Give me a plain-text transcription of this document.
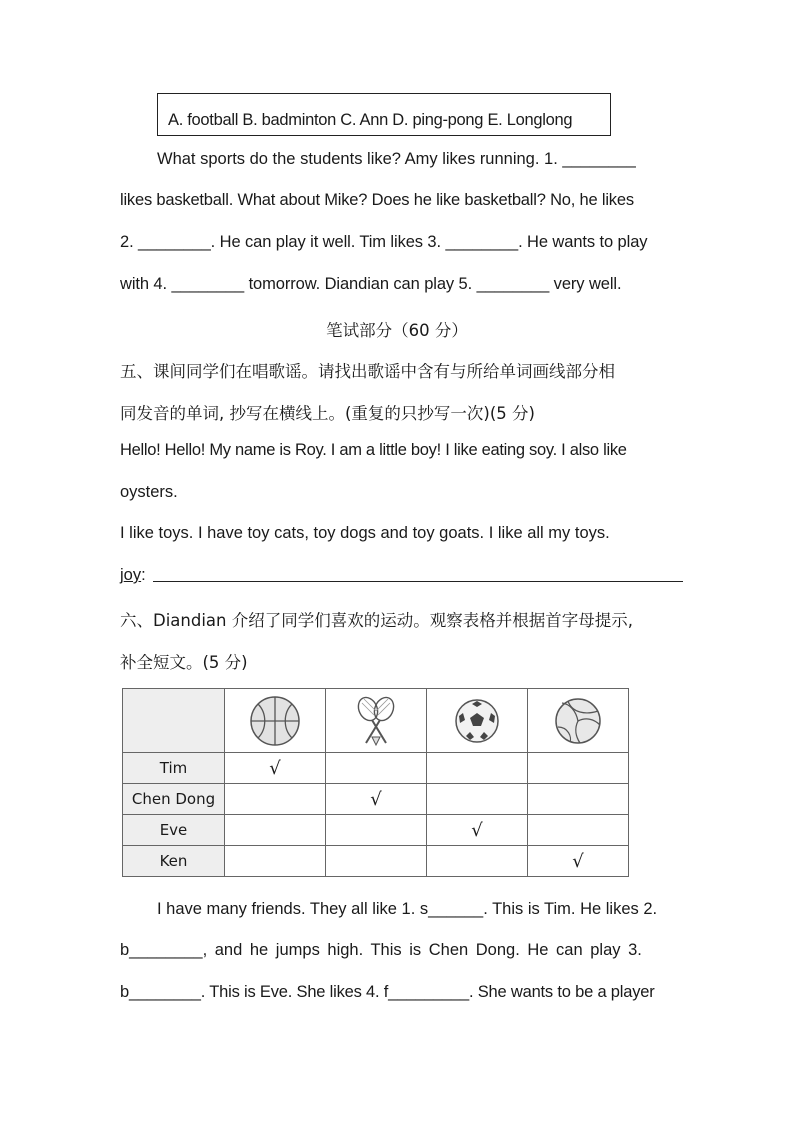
A. football B. badminton C. Ann D. ping-pong E. Longlong
What sports do the students like? Amy likes running. 1. ________
likes basketball. What about Mike? Does he like basketball? No, he likes
2. ________. He can play it well. Tim likes 3. ________. He wants to play
with 4. ________ tomorrow. Diandian can play 5. ________ very well.
笔试部分（60 分）
五、课间同学们在唱歌谣。请找出歌谣中含有与所给单词画线部分相
同发音的单词, 抄写在横线上。(重复的只抄写一次)(5 分)
Hello! Hello! My name is Roy. I am a little boy! I like eating soy. I also like
oysters.
I like toys. I have toy cats, toy dogs and toy goats. I like all my toys.
joy:
六、Diandian 介绍了同学们喜欢的运动。观察表格并根据首字母提示,
补全短文。(5 分)

Tim	√			
Chen Dong		√		
Eve			√	
Ken				√
I have many friends. They all like 1. s______. This is Tim. He likes 2.
b________, and he jumps high. This is Chen Dong. He can play 3.
b________. This is Eve. She likes 4. f_________. She wants to be a player
